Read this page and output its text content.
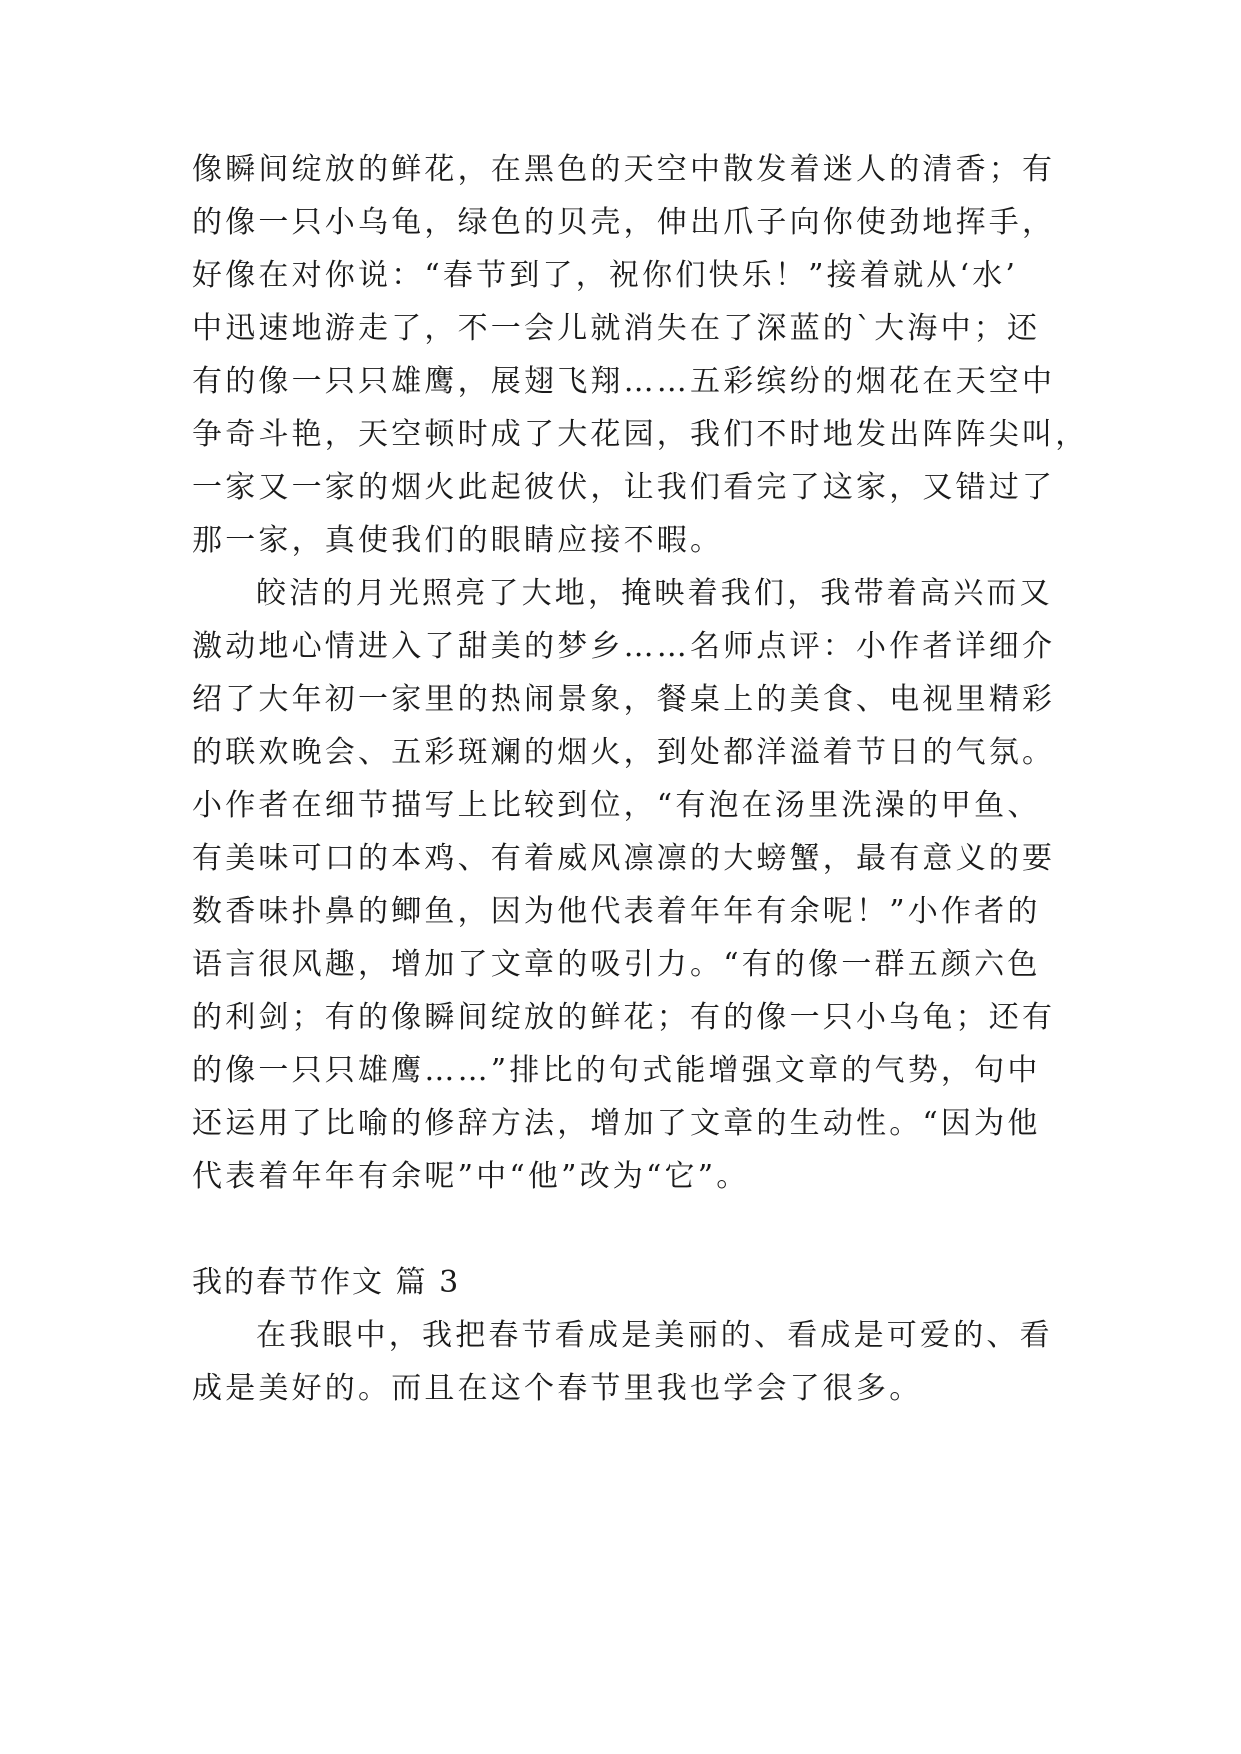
像瞬间绽放的鲜花，在黑色的天空中散发着迷人的清香；有
的像一只小乌龟，绿色的贝壳，伸出爪子向你使劲地挥手，
好像在对你说：“春节到了，祝你们快乐！”接着就从‘水’
中迅速地游走了，不一会儿就消失在了深蓝的`大海中；还
有的像一只只雄鹰，展翅飞翔……五彩缤纷的烟花在天空中
争奇斗艳，天空顿时成了大花园，我们不时地发出阵阵尖叫，
一家又一家的烟火此起彼伏，让我们看完了这家，又错过了
那一家，真使我们的眼睛应接不暇。
皎洁的月光照亮了大地，掩映着我们，我带着高兴而又
激动地心情进入了甜美的梦乡……名师点评：小作者详细介
绍了大年初一家里的热闹景象，餐桌上的美食、电视里精彩
的联欢晚会、五彩斑斓的烟火，到处都洋溢着节日的气氛。
小作者在细节描写上比较到位，“有泡在汤里洗澡的甲鱼、
有美味可口的本鸡、有着威风凛凛的大螃蟹，最有意义的要
数香味扑鼻的鲫鱼，因为他代表着年年有余呢！”小作者的
语言很风趣，增加了文章的吸引力。“有的像一群五颜六色
的利剑；有的像瞬间绽放的鲜花；有的像一只小乌龟；还有
的像一只只雄鹰……”排比的句式能增强文章的气势，句中
还运用了比喻的修辞方法，增加了文章的生动性。“因为他
代表着年年有余呢”中“他”改为“它”。
我的春节作文 篇 3
在我眼中，我把春节看成是美丽的、看成是可爱的、看
成是美好的。而且在这个春节里我也学会了很多。
